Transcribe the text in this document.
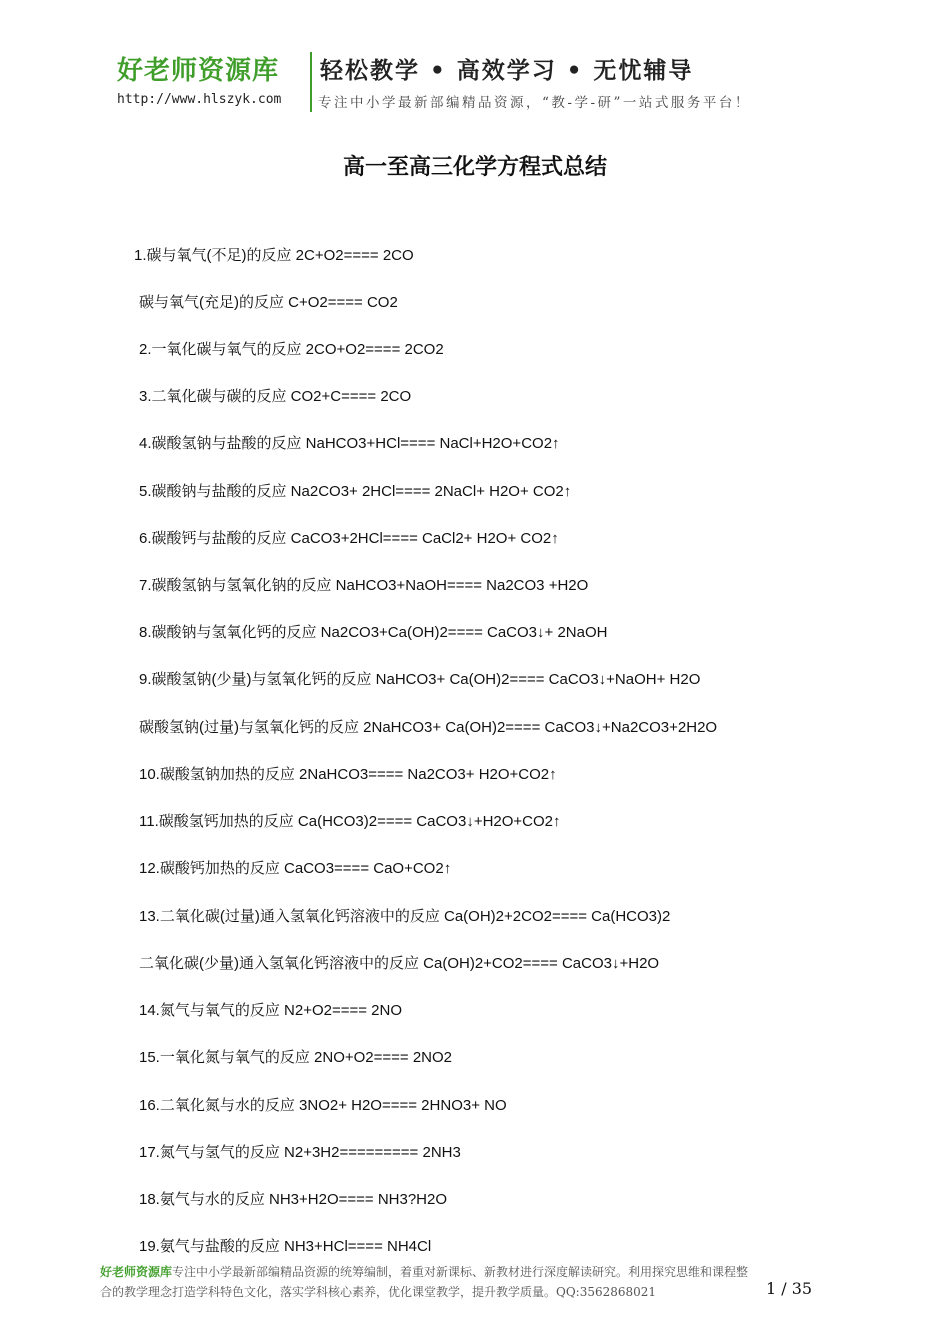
好老师资源库 轻松教学 • 高效学习 • 无忧辅导
http://www.hlszyk.com	专注中小学最新部编精品资源，“教-学-研”一站式服务平台！
高一至高三化学方程式总结
1.碳与氧气(不足)的反应 2C+O2==== 2CO
碳与氧气(充足)的反应 C+O2==== CO2
2.一氧化碳与氧气的反应 2CO+O2==== 2CO2
3.二氧化碳与碳的反应 CO2+C==== 2CO
4.碳酸氢钠与盐酸的反应 NaHCO3+HCl==== NaCl+H2O+CO2↑
5.碳酸钠与盐酸的反应 Na2CO3+ 2HCl==== 2NaCl+ H2O+ CO2↑
6.碳酸钙与盐酸的反应 CaCO3+2HCl==== CaCl2+ H2O+ CO2↑
7.碳酸氢钠与氢氧化钠的反应 NaHCO3+NaOH==== Na2CO3 +H2O
8.碳酸钠与氢氧化钙的反应 Na2CO3+Ca(OH)2==== CaCO3↓+ 2NaOH
9.碳酸氢钠(少量)与氢氧化钙的反应 NaHCO3+ Ca(OH)2==== CaCO3↓+NaOH+ H2O
碳酸氢钠(过量)与氢氧化钙的反应 2NaHCO3+ Ca(OH)2==== CaCO3↓+Na2CO3+2H2O
10.碳酸氢钠加热的反应 2NaHCO3==== Na2CO3+ H2O+CO2↑
11.碳酸氢钙加热的反应 Ca(HCO3)2==== CaCO3↓+H2O+CO2↑
12.碳酸钙加热的反应 CaCO3==== CaO+CO2↑
13.二氧化碳(过量)通入氢氧化钙溶液中的反应 Ca(OH)2+2CO2==== Ca(HCO3)2
二氧化碳(少量)通入氢氧化钙溶液中的反应 Ca(OH)2+CO2==== CaCO3↓+H2O
14.氮气与氧气的反应 N2+O2==== 2NO
15.一氧化氮与氧气的反应 2NO+O2==== 2NO2
16.二氧化氮与水的反应 3NO2+ H2O==== 2HNO3+ NO
17.氮气与氢气的反应 N2+3H2========= 2NH3
18.氨气与水的反应 NH3+H2O==== NH3?H2O
19.氨气与盐酸的反应 NH3+HCl==== NH4Cl
好老师资源库专注中小学最新部编精品资源的统筹编制，着重对新课标、新教材进行深度解读研究。利用探究思维和课程整
合的教学理念打造学科特色文化，落实学科核心素养，优化课堂教学，提升教学质量。QQ:3562868021	1 / 35
